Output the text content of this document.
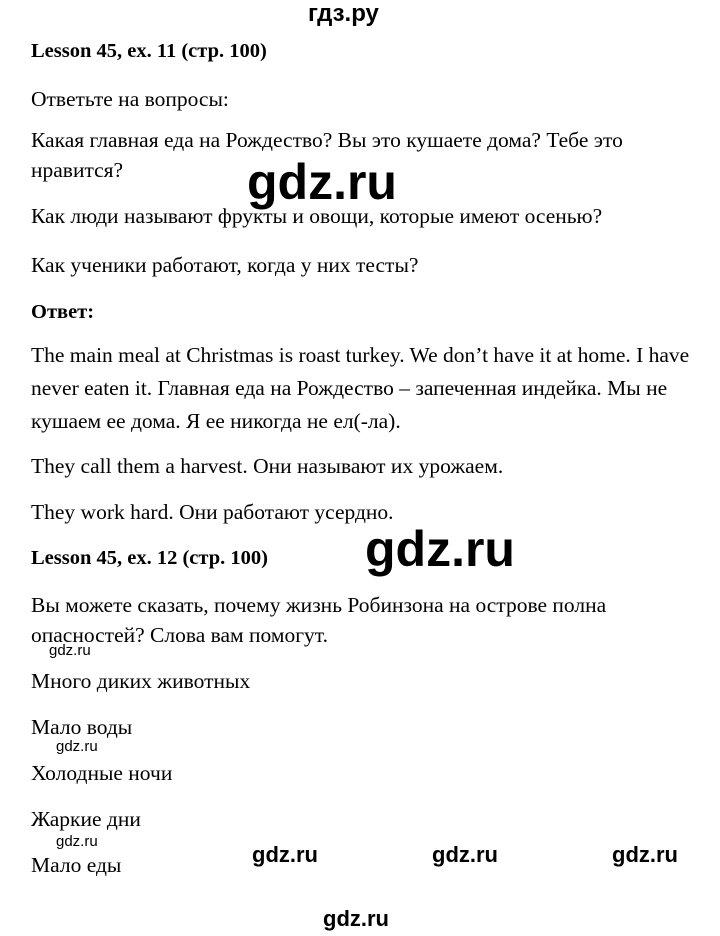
гдз.ру
Lesson 45, ex. 11 (стр. 100)
Ответьте на вопросы:
Какая главная еда на Рождество? Вы это кушаете дома? Тебе это нравится?	gdz.ru
Как люди называют фрукты и овощи, которые имеют осенью?
Как ученики работают, когда у них тесты?
Ответ:
The main meal at Christmas is roast turkey. We don’t have it at home. I have never eaten it. Главная еда на Рождество – запеченная индейка. Мы не кушаем ее дома. Я ее никогда не ел(-ла).
They call them a harvest. Они называют их урожаем.
They work hard. Они работают усердно.
Lesson 45, ex. 12 (стр. 100) gdz.ru
Вы можете сказать, почему жизнь Робинзона на острове полна опасностей? Слова вам помогут.
gdz.ru
Много диких животных
Мало воды
gdz.ru
Холодные ночи
Жаркие дни
gdz.ru
Мало еды	gdz.ru	gdz.ru	gdz.ru
gdz.ru
